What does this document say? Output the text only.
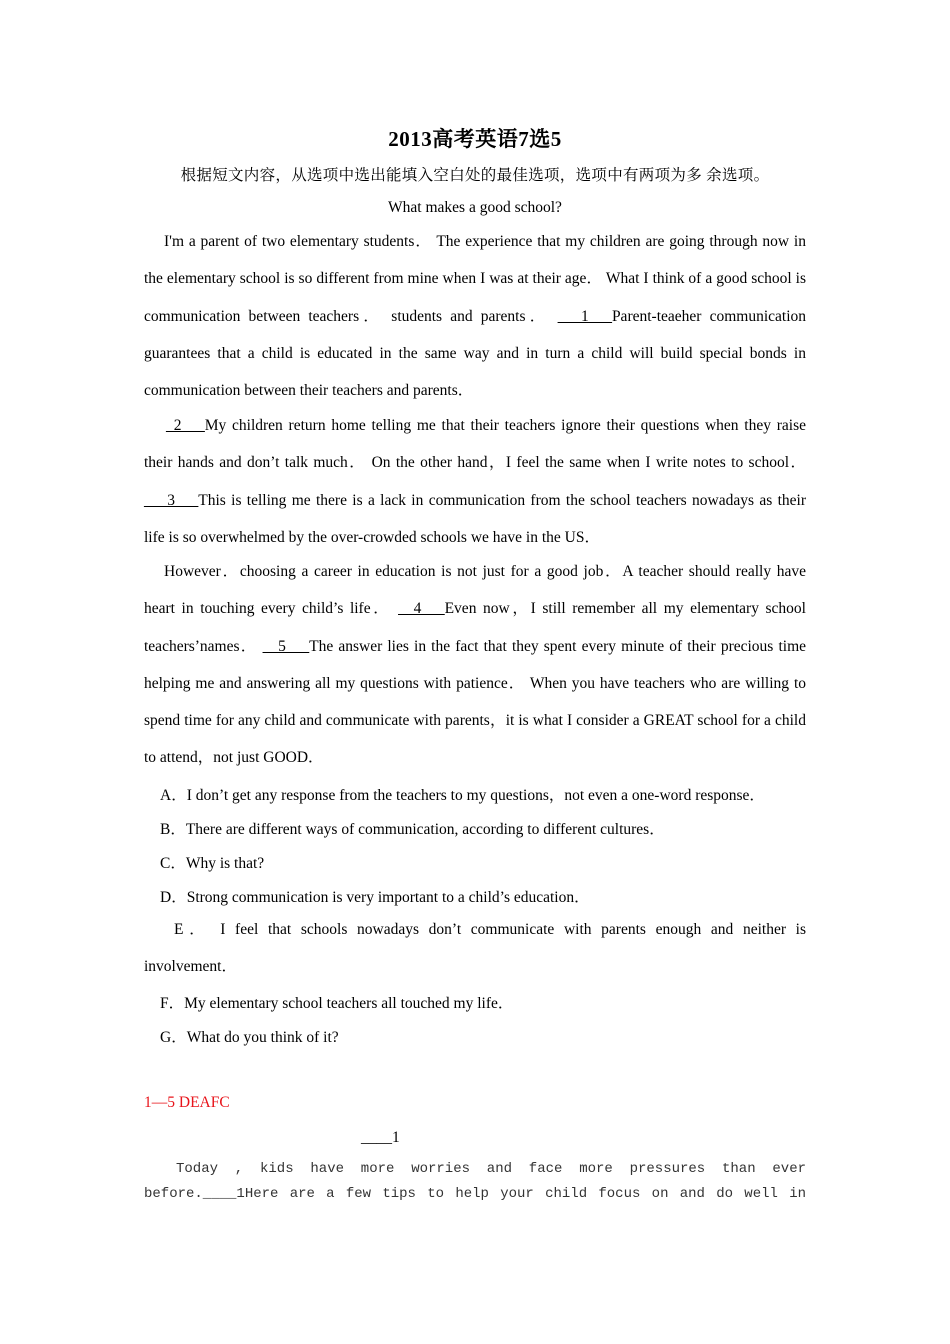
2013高考英语7选5
根据短文内容，从选项中选出能填入空白处的最佳选项，选项中有两项为多 余选项。
What makes a good school?

I'm a parent of two elementary students． The experience that my children are going through now in the elementary school is so different from mine when I was at their age． What I think of a good school is communication between teachers． students and parents． ___1___Parent-teaeher communication guarantees that a child is educated in the same way and in turn a child will build special bonds in communication between their teachers and parents．

_2___My children return home telling me that their teachers ignore their questions when they raise their hands and don’t talk much． On the other hand，I feel the same when I write notes to school． ___3___This is telling me there is a lack in communication from the school teachers nowadays as their life is so overwhelmed by the over-crowded schools we have in the US．

However．choosing a career in education is not just for a good job．A teacher should really have heart in touching every child’s life． __4___Even now，I still remember all my elementary school teachers’names． __5___The answer lies in the fact that they spent every minute of their precious time helping me and answering all my questions with patience． When you have teachers who are willing to spend time for any child and communicate with parents，it is what I consider a GREAT school for a child to attend，not just GOOD．

A．I don’t get any response from the teachers to my questions，not even a one-word response．
B．There are different ways of communication, according to different cultures．
C．Why is that?
D．Strong communication is very important to a child’s education．
E． I feel that schools nowadays don’t communicate with parents enough and neither is involvement．
F．My elementary school teachers all touched my life．
G．What do you think of it?
1—5 DEAFC
____1
Today , kids have more worries and face more pressures than ever
before.____1Here are a few tips to help your child focus on and do well in
